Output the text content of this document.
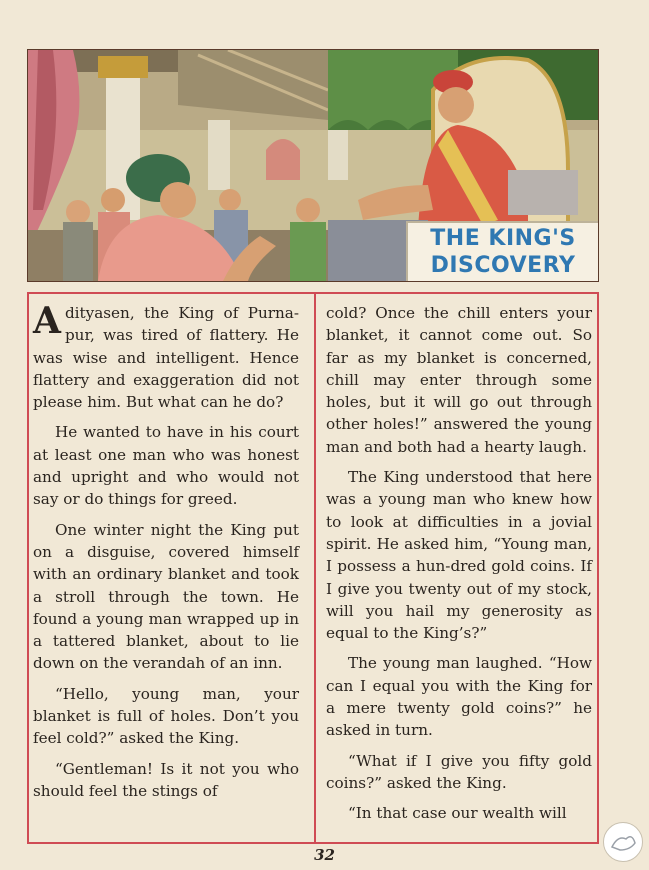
THE KING'S
DISCOVERY

Adityasen, the King of Purna-pur, was tired of flattery. He was wise and intelligent. Hence flattery and exaggeration did not please him. But what can he do?

He wanted to have in his court at least one man who was honest and upright and who would not say or do things for greed.

One winter night the King put on a disguise, covered himself with an ordinary blanket and took a stroll through the town. He found a young man wrapped up in a tattered blanket, about to lie down on the verandah of an inn.

“Hello, young man, your blanket is full of holes. Don’t you feel cold?” asked the King.

“Gentleman! Is it not you who should feel the stings of

cold? Once the chill enters your blanket, it cannot come out. So far as my blanket is concerned, chill may enter through some holes, but it will go out through other holes!” answered the young man and both had a hearty laugh.

The King understood that here was a young man who knew how to look at difficulties in a jovial spirit. He asked him, “Young man, I possess a hun-dred gold coins. If I give you twenty out of my stock, will you hail my generosity as equal to the King’s?”

The young man laughed. “How can I equal you with the King for a mere twenty gold coins?” he asked in turn.

“What if I give you fifty gold coins?” asked the King.

“In that case our wealth will

32
